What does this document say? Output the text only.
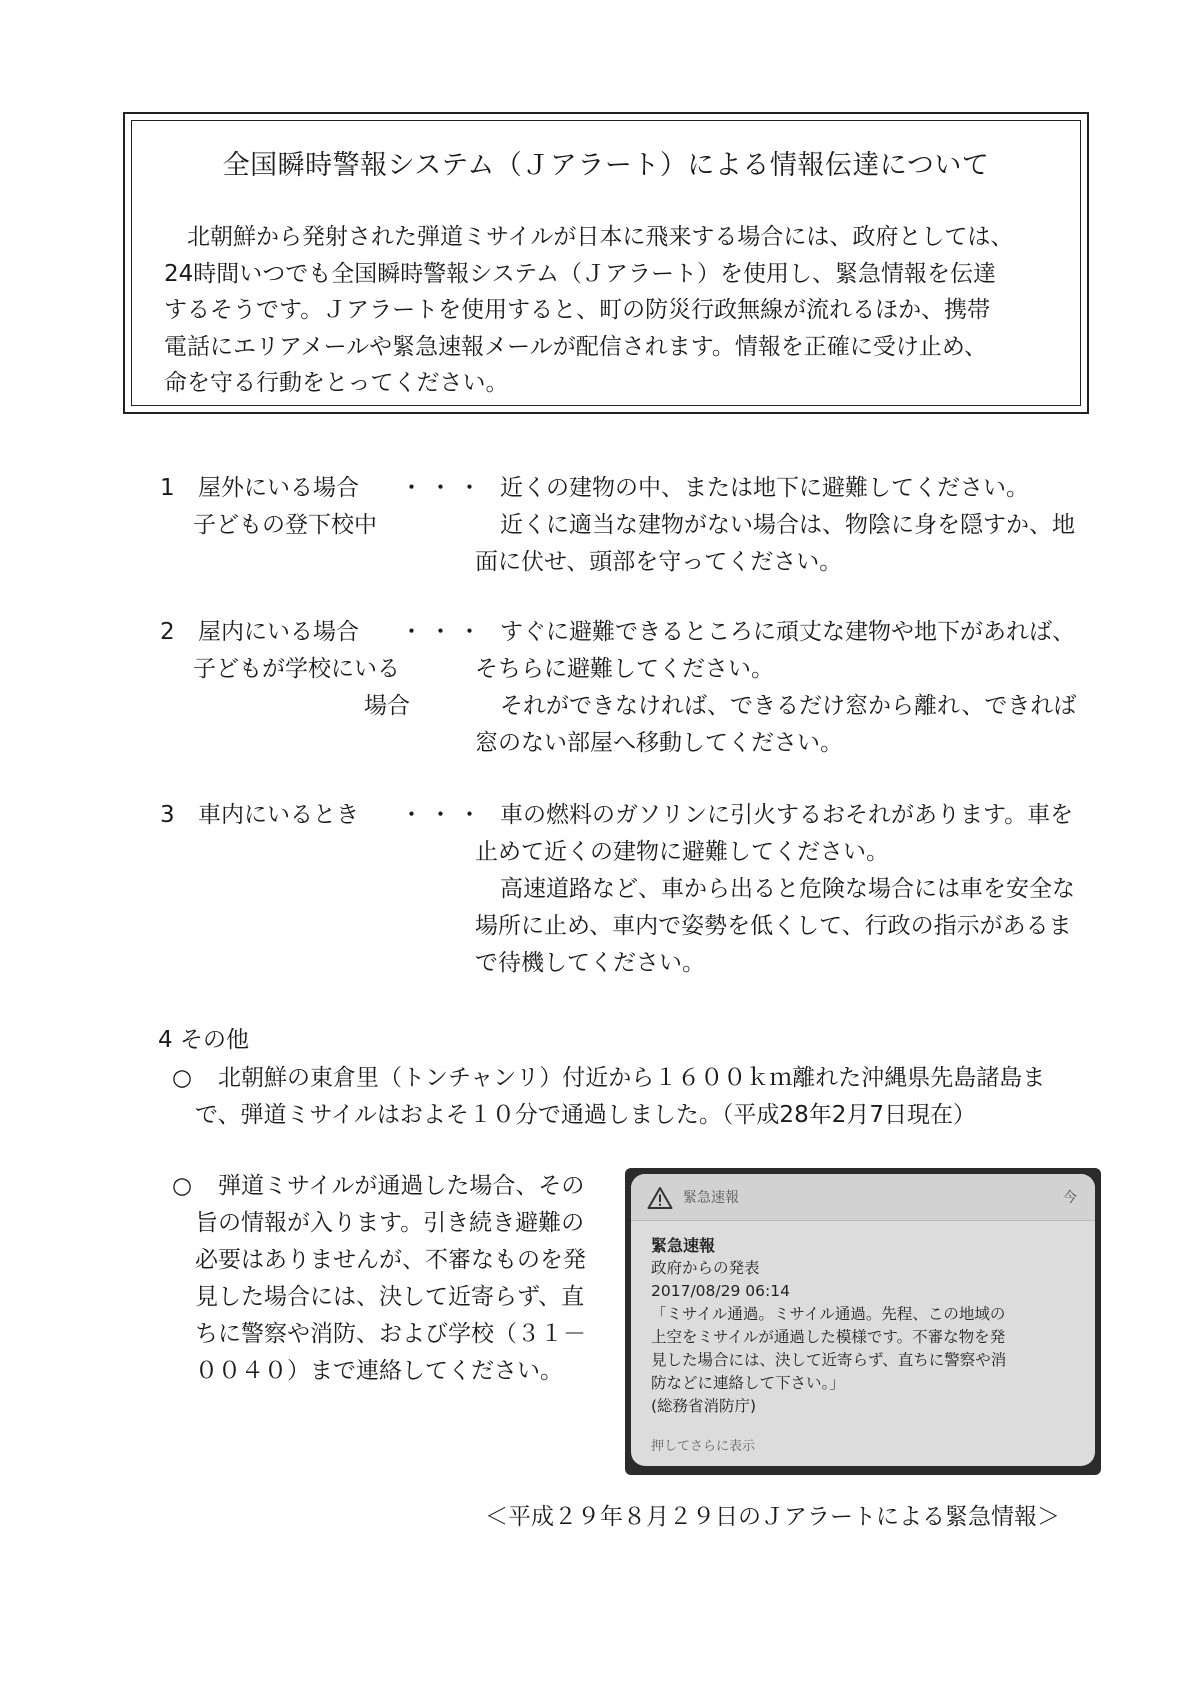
全国瞬時警報システム（Ｊアラート）による情報伝達について

　北朝鮮から発射された弾道ミサイルが日本に飛来する場合には、政府としては、

24時間いつでも全国瞬時警報システム（Ｊアラート）を使用し、緊急情報を伝達

するそうです。Ｊアラートを使用すると、町の防災行政無線が流れるほか、携帯

電話にエリアメールや緊急速報メールが配信されます。情報を正確に受け止め、

命を守る行動をとってください。

1 屋外にいる場合 ・・・ 近くの建物の中、または地下に避難してください。
子どもの登下校中	近くに適当な建物がない場合は、物陰に身を隠すか、地
面に伏せ、頭部を守ってください。
2 屋内にいる場合 ・・・ すぐに避難できるところに頑丈な建物や地下があれば、
子どもが学校にいる	そちらに避難してください。
場合	それができなければ、できるだけ窓から離れ、できれば
窓のない部屋へ移動してください。
3 車内にいるとき ・・・ 車の燃料のガソリンに引火するおそれがあります。車を
止めて近くの建物に避難してください。
高速道路など、車から出ると危険な場合には車を安全な
場所に止め、車内で姿勢を低くして、行政の指示があるま
で待機してください。
4 その他
○ 北朝鮮の東倉里（トンチャンリ）付近から１６００ｋｍ離れた沖縄県先島諸島ま
で、弾道ミサイルはおよそ１０分で通過しました。（平成28年2月7日現在）
○ 弾道ミサイルが通過した場合、その
旨の情報が入ります。引き続き避難の
必要はありませんが、不審なものを発
見した場合には、決して近寄らず、直
ちに警察や消防、および学校（３１－
００４０）まで連絡してください。
緊急速報	今
緊急速報
政府からの発表
2017/08/29 06:14
「ミサイル通過。ミサイル通過。先程、この地域の
上空をミサイルが通過した模様です。不審な物を発
見した場合には、決して近寄らず、直ちに警察や消
防などに連絡して下さい。」
(総務省消防庁)
押してさらに表示
＜平成２９年８月２９日のＪアラートによる緊急情報＞
